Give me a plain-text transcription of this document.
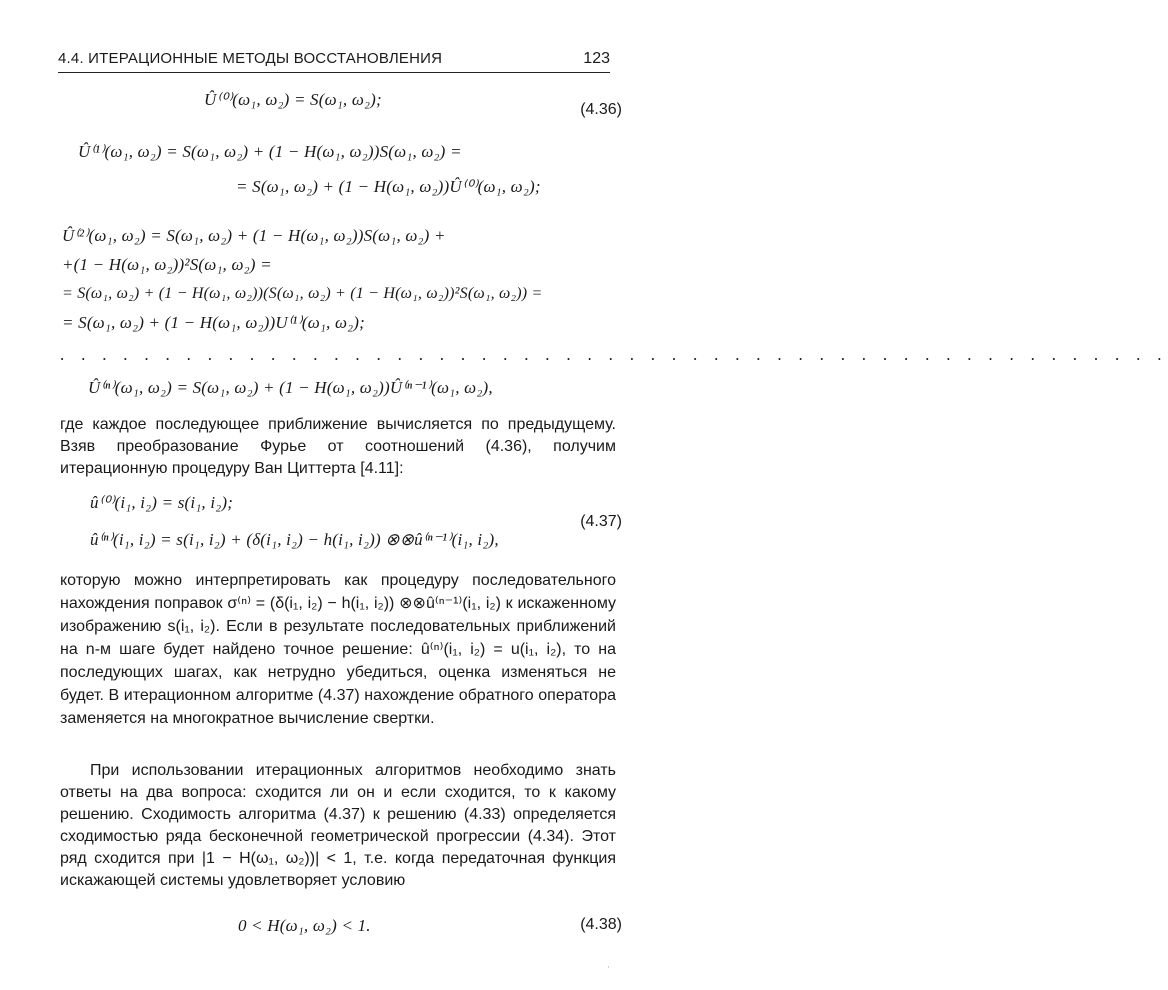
4.4. ИТЕРАЦИОННЫЕ МЕТОДЫ ВОССТАНОВЛЕНИЯ	123
Û⁽⁰⁾(ω₁, ω₂) = S(ω₁, ω₂);
(4.36)
Û⁽¹⁾(ω₁, ω₂) = S(ω₁, ω₂) + (1 − H(ω₁, ω₂))S(ω₁, ω₂) =
= S(ω₁, ω₂) + (1 − H(ω₁, ω₂))Û⁽⁰⁾(ω₁, ω₂);
Û⁽²⁾(ω₁, ω₂) = S(ω₁, ω₂) + (1 − H(ω₁, ω₂))S(ω₁, ω₂) +
+(1 − H(ω₁, ω₂))²S(ω₁, ω₂) =
= S(ω₁, ω₂) + (1 − H(ω₁, ω₂))(S(ω₁, ω₂) + (1 − H(ω₁, ω₂))²S(ω₁, ω₂)) =
= S(ω₁, ω₂) + (1 − H(ω₁, ω₂))U⁽¹⁾(ω₁, ω₂);
. . . . . . . . . . . . . . . . . . . . . . . . . . . . . . . . . . . . . . . . . . . . . . . . . . . . .
Û⁽ⁿ⁾(ω₁, ω₂) = S(ω₁, ω₂) + (1 − H(ω₁, ω₂))Û⁽ⁿ⁻¹⁾(ω₁, ω₂),
где каждое последующее приближение вычисляется по предыдущему. Взяв преобразование Фурье от соотношений (4.36), получим итерационную процедуру Ван Циттерта [4.11]:
û⁽⁰⁾(i₁, i₂) = s(i₁, i₂);
(4.37)
û⁽ⁿ⁾(i₁, i₂) = s(i₁, i₂) + (δ(i₁, i₂) − h(i₁, i₂)) ⊗⊗û⁽ⁿ⁻¹⁾(i₁, i₂),
которую можно интерпретировать как процедуру последовательного нахождения поправок σ⁽ⁿ⁾ = (δ(i₁, i₂) − h(i₁, i₂)) ⊗⊗û⁽ⁿ⁻¹⁾(i₁, i₂) к искаженному изображению s(i₁, i₂). Если в результате последовательных приближений на n-м шаге будет найдено точное решение: û⁽ⁿ⁾(i₁, i₂) = u(i₁, i₂), то на последующих шагах, как нетрудно убедиться, оценка изменяться не будет. В итерационном алгоритме (4.37) нахождение обратного оператора заменяется на многократное вычисление свертки.
При использовании итерационных алгоритмов необходимо знать ответы на два вопроса: сходится ли он и если сходится, то к какому решению. Сходимость алгоритма (4.37) к решению (4.33) определяется сходимостью ряда бесконечной геометрической прогрессии (4.34). Этот ряд сходится при |1 − H(ω₁, ω₂))| < 1, т.е. когда передаточная функция искажающей системы удовлетворяет условию
0 < H(ω₁, ω₂) < 1.	(4.38)
·
